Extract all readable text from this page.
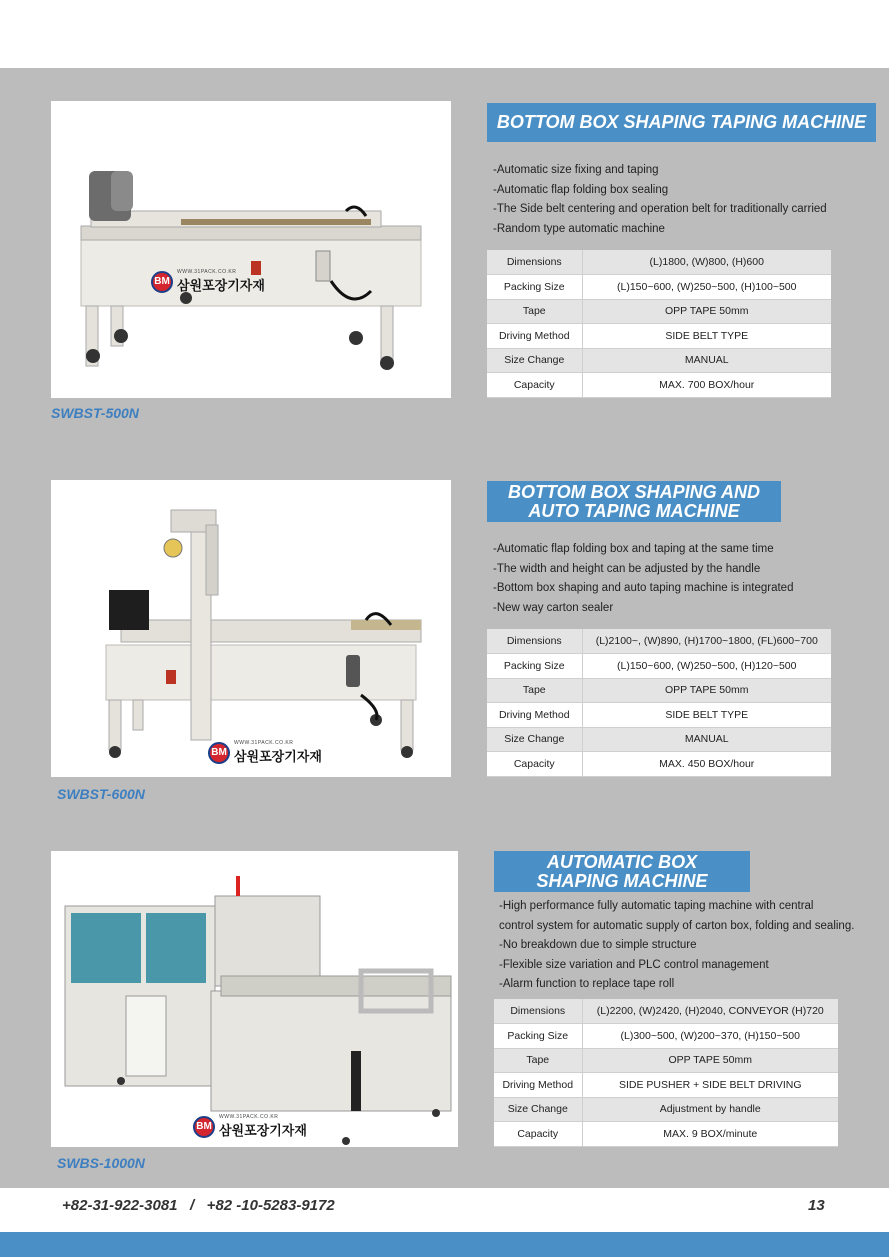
BM
WWW.31PACK.CO.KR
삼원포장기자재
SWBST-500N
BOTTOM BOX SHAPING TAPING MACHINE
-Automatic size fixing and taping
-Automatic flap folding box sealing
-The Side belt centering and operation belt for traditionally carried
-Random type automatic machine
Dimensions	(L)1800, (W)800, (H)600
Packing Size	(L)150~600, (W)250~500, (H)100~500
Tape	OPP TAPE 50mm
Driving Method	SIDE BELT TYPE
Size Change	MANUAL
Capacity	MAX. 700 BOX/hour
BM
WWW.31PACK.CO.KR
삼원포장기자재
SWBST-600N
BOTTOM BOX SHAPING AND
AUTO TAPING MACHINE
-Automatic flap folding box and taping at the same time
-The width and height can be adjusted by the handle
-Bottom box shaping and auto taping machine is integrated
-New way carton sealer
Dimensions	(L)2100~, (W)890, (H)1700~1800, (FL)600~700
Packing Size	(L)150~600, (W)250~500, (H)120~500
Tape	OPP TAPE 50mm
Driving Method	SIDE BELT TYPE
Size Change	MANUAL
Capacity	MAX. 450 BOX/hour
BM
WWW.31PACK.CO.KR
삼원포장기자재
SWBS-1000N
AUTOMATIC BOX
SHAPING MACHINE
-High performance fully automatic taping machine with central
control system for automatic supply of carton box, folding and sealing.
-No breakdown due to simple structure
-Flexible size variation and PLC control management
-Alarm function to replace tape roll
Dimensions	(L)2200, (W)2420, (H)2040, CONVEYOR (H)720
Packing Size	(L)300~500, (W)200~370, (H)150~500
Tape	OPP TAPE 50mm
Driving Method	SIDE PUSHER + SIDE BELT DRIVING
Size Change	Adjustment by handle
Capacity	MAX. 9 BOX/minute
+82-31-922-3081   /   +82 -10-5283-9172	13
